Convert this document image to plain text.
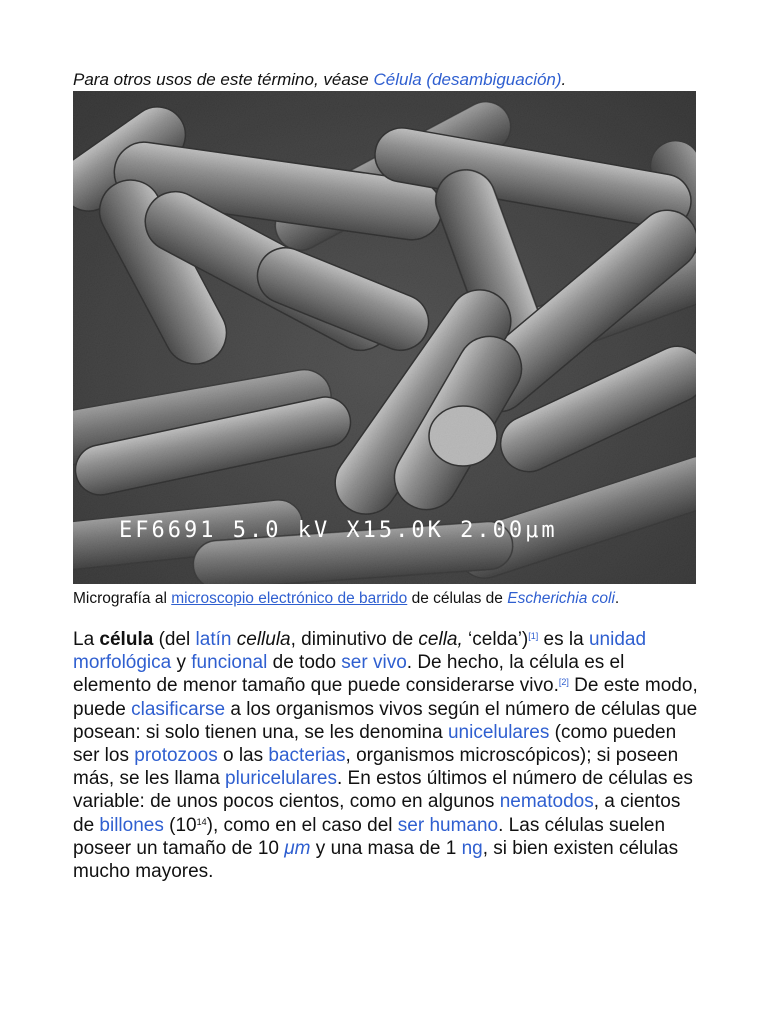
Para otros usos de este término, véase Célula (desambiguación).
EF6691 5.0 kV X15.0K 2.00μm
Micrografía al microscopio electrónico de barrido de células de Escherichia coli.
La célula (del latín cellula, diminutivo de cella, ‘celda’)[1] es la unidad morfológica y funcional de todo ser vivo. De hecho, la célula es el elemento de menor tamaño que puede considerarse vivo.[2] De este modo, puede clasificarse a los organismos vivos según el número de células que posean: si solo tienen una, se les denomina unicelulares (como pueden ser los protozoos o las bacterias, organismos microscópicos); si poseen más, se les llama pluricelulares. En estos últimos el número de células es variable: de unos pocos cientos, como en algunos nematodos, a cientos de billones $(10^{14})$, como en el caso del ser humano. Las células suelen poseer un tamaño de 10 μm y una masa de 1 ng, si bien existen células mucho mayores.
